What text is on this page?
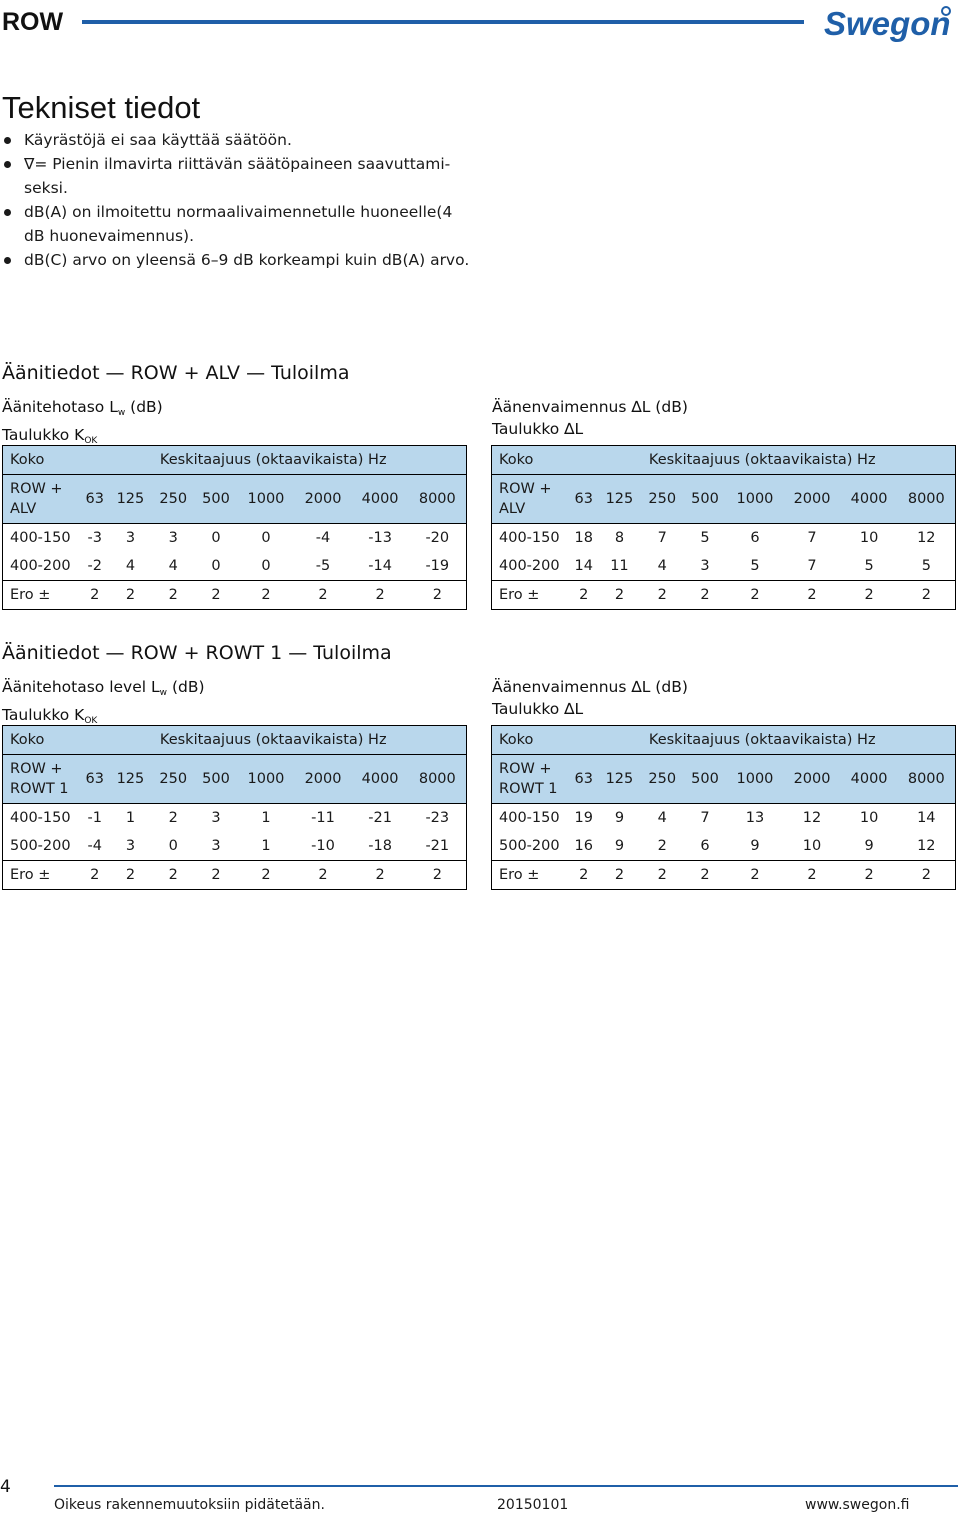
ROW	Swegon
Tekniset tiedot
Käyrästöjä ei saa käyttää säätöön.
∇= Pienin ilmavirta riittävän säätöpaineen saavuttami-seksi.
dB(A) on ilmoitettu normaalivaimennetulle huoneelle(4 dB huonevaimennus).
dB(C) arvo on yleensä 6–9 dB korkeampi kuin dB(A) arvo.
Äänitiedot — ROW + ALV — Tuloilma
Äänitehotaso $L_w$ (dB)
Taulukko $K_{OK}$
Äänenvaimennus ∆L (dB)
Taulukko ∆L
Koko	Keskitaajuus (oktaavikaista) Hz							
ROW + ALV	63	125	250	500	1000	2000	4000	8000
400-150	-3	3	3	0	0	-4	-13	-20
400-200	-2	4	4	0	0	-5	-14	-19
Ero ±	2	2	2	2	2	2	2	2
Koko	Keskitaajuus (oktaavikaista) Hz							
ROW + ALV	63	125	250	500	1000	2000	4000	8000
400-150	18	8	7	5	6	7	10	12
400-200	14	11	4	3	5	7	5	5
Ero ±	2	2	2	2	2	2	2	2
Äänitiedot — ROW + ROWT 1 — Tuloilma
Äänitehotaso level $L_w$ (dB)
Taulukko $K_{OK}$
Äänenvaimennus ∆L (dB)
Taulukko ∆L
Koko	Keskitaajuus (oktaavikaista) Hz							
ROW + ROWT 1	63	125	250	500	1000	2000	4000	8000
400-150	-1	1	2	3	1	-11	-21	-23
500-200	-4	3	0	3	1	-10	-18	-21
Ero ±	2	2	2	2	2	2	2	2
Koko	Keskitaajuus (oktaavikaista) Hz							
ROW + ROWT 1	63	125	250	500	1000	2000	4000	8000
400-150	19	9	4	7	13	12	10	14
500-200	16	9	2	6	9	10	9	12
Ero ±	2	2	2	2	2	2	2	2
4
Oikeus rakennemuutoksiin pidätetään.	20150101	www.swegon.fi
